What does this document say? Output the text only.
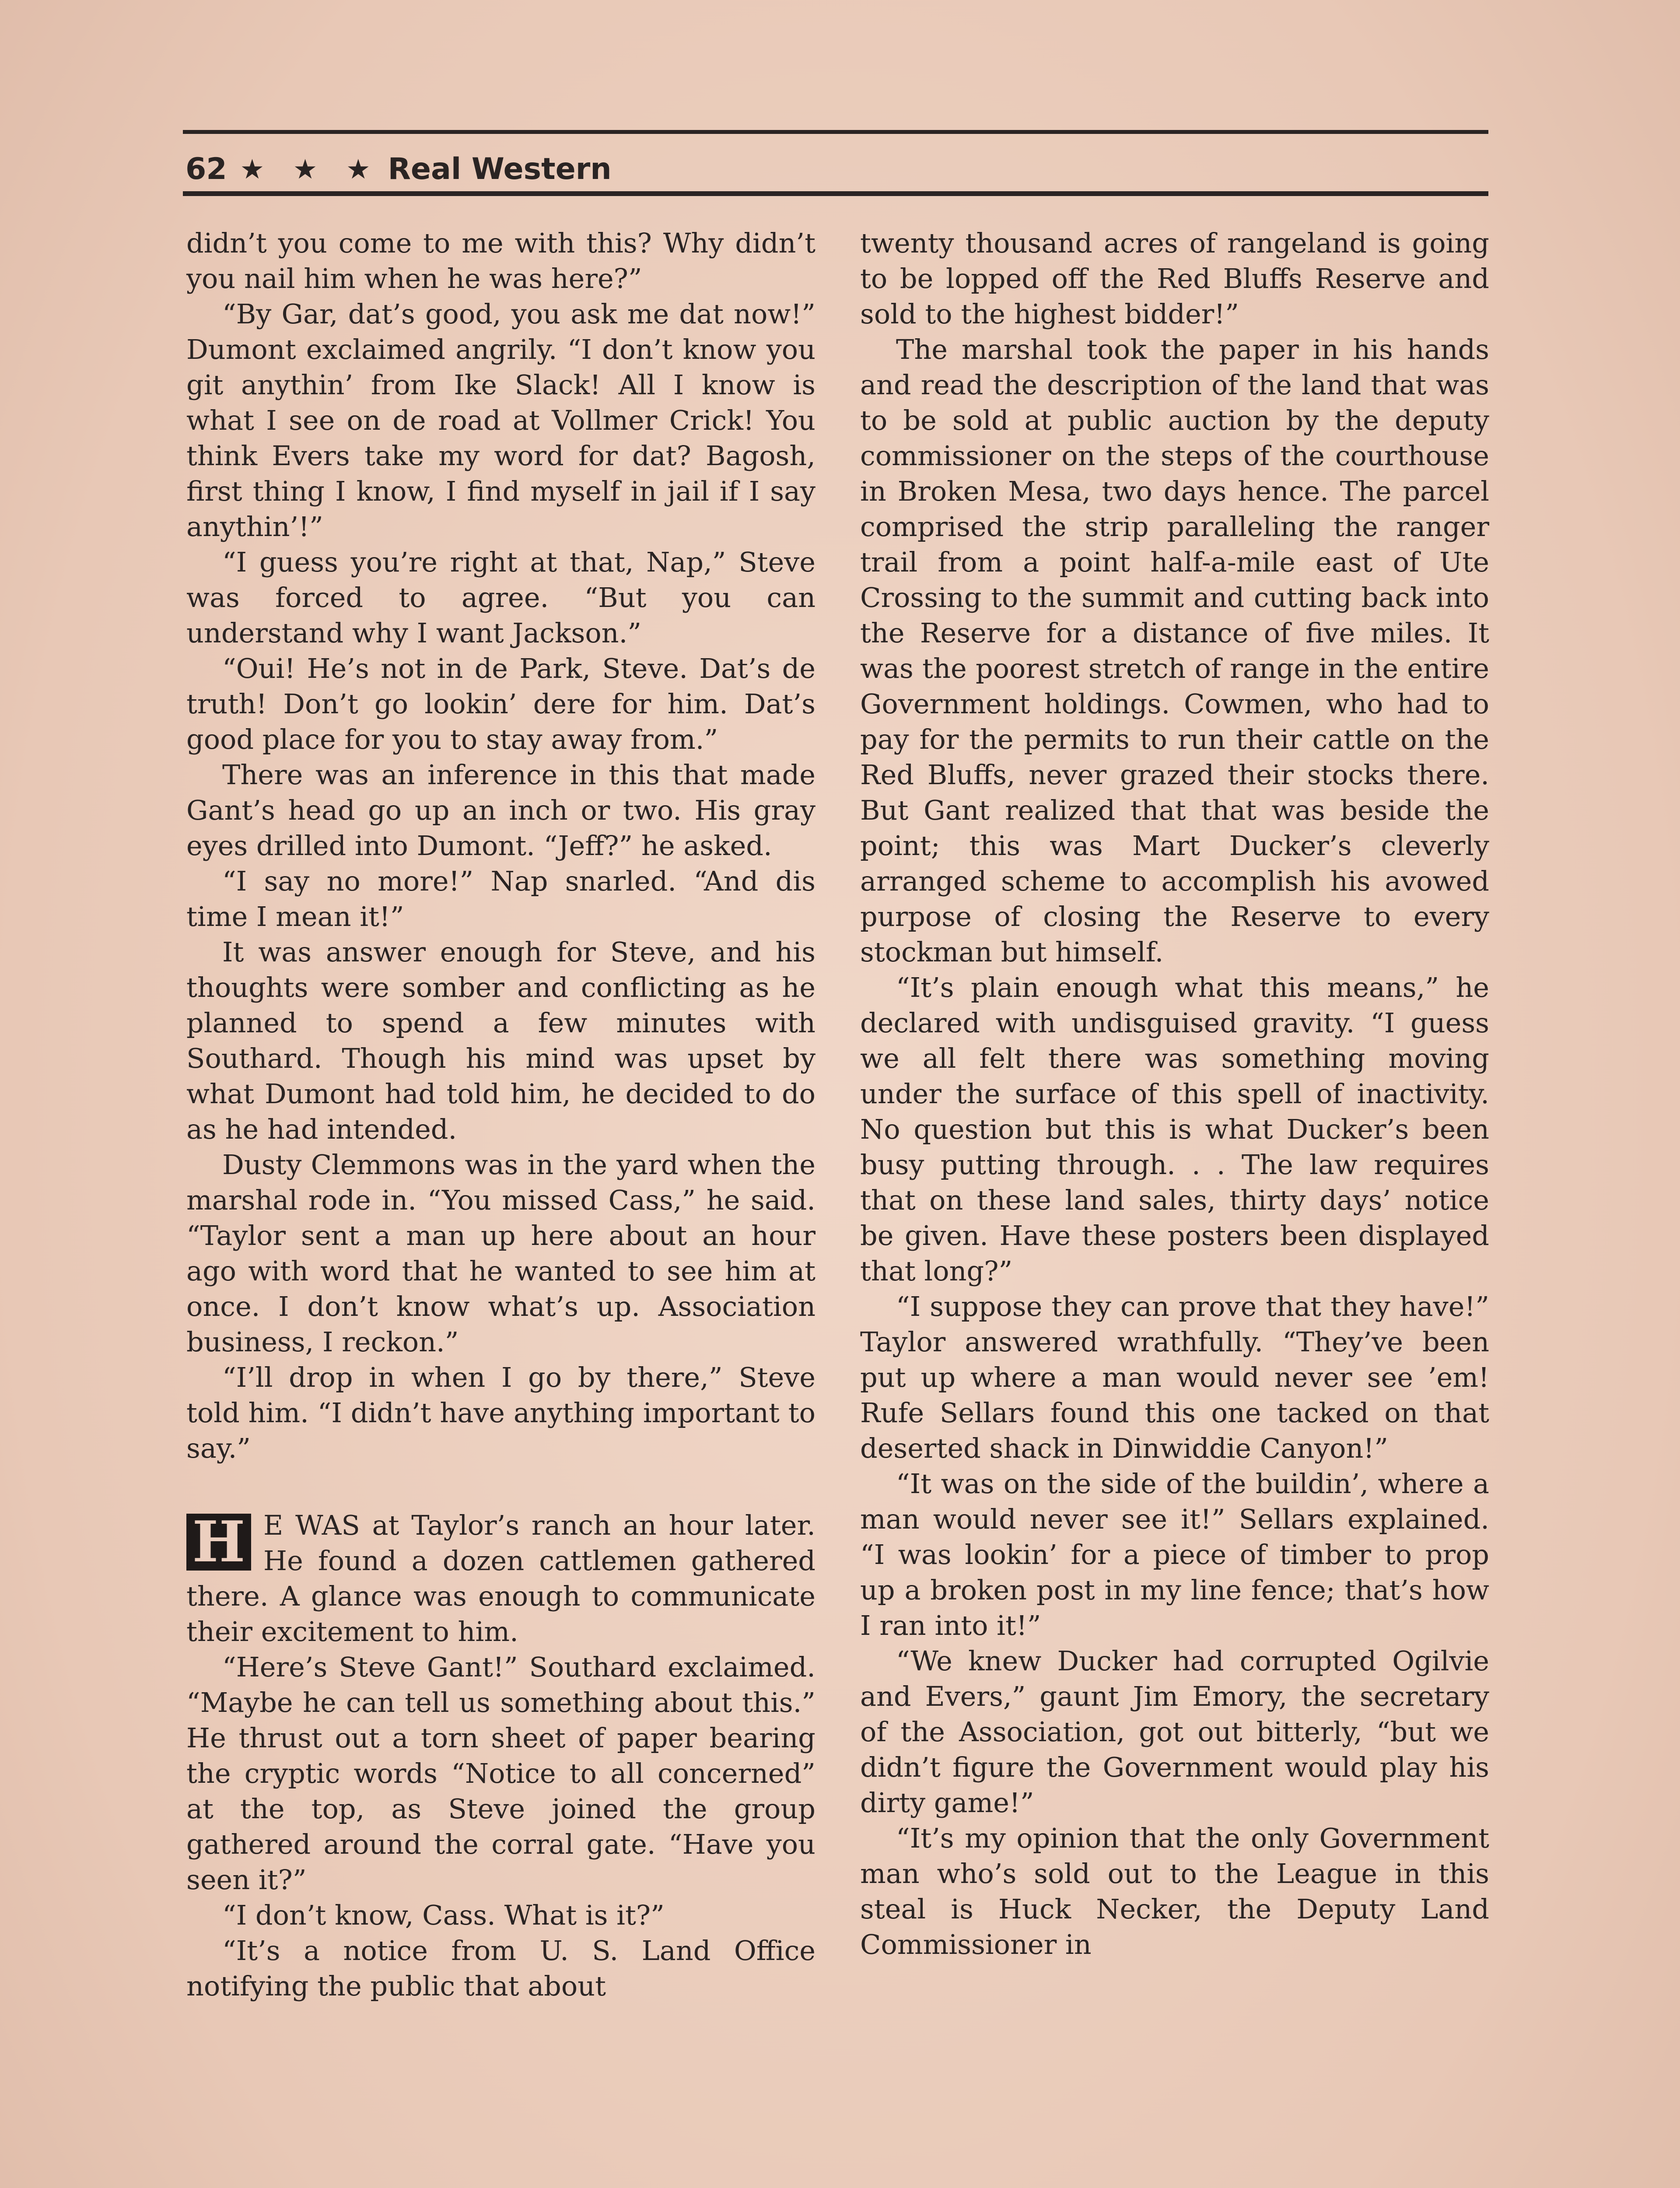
62 ★ ★ ★ Real Western

didn’t you come to me with this? Why didn’t you nail him when he was here?”

“By Gar, dat’s good, you ask me dat now!” Dumont exclaimed angrily. “I don’t know you git anythin’ from Ike Slack! All I know is what I see on de road at Vollmer Crick! You think Evers take my word for dat? Bagosh, first thing I know, I find myself in jail if I say anythin’!”

“I guess you’re right at that, Nap,” Steve was forced to agree. “But you can understand why I want Jackson.”

“Oui! He’s not in de Park, Steve. Dat’s de truth! Don’t go lookin’ dere for him. Dat’s good place for you to stay away from.”

There was an inference in this that made Gant’s head go up an inch or two. His gray eyes drilled into Dumont. “Jeff?” he asked.

“I say no more!” Nap snarled. “And dis time I mean it!”

It was answer enough for Steve, and his thoughts were somber and conflicting as he planned to spend a few minutes with Southard. Though his mind was upset by what Dumont had told him, he decided to do as he had intended.

Dusty Clemmons was in the yard when the marshal rode in. “You missed Cass,” he said. “Taylor sent a man up here about an hour ago with word that he wanted to see him at once. I don’t know what’s up. Association business, I reckon.”

“I’ll drop in when I go by there,” Steve told him. “I didn’t have anything important to say.”

H E WAS at Taylor’s ranch an hour later. He found a dozen cattlemen gathered there. A glance was enough to communicate their excitement to him.

“Here’s Steve Gant!” Southard exclaimed. “Maybe he can tell us something about this.” He thrust out a torn sheet of paper bearing the cryptic words “Notice to all concerned” at the top, as Steve joined the group gathered around the corral gate. “Have you seen it?”

“I don’t know, Cass. What is it?”

“It’s a notice from U. S. Land Office notifying the public that about

twenty thousand acres of rangeland is going to be lopped off the Red Bluffs Reserve and sold to the highest bidder!”

The marshal took the paper in his hands and read the description of the land that was to be sold at public auction by the deputy commissioner on the steps of the courthouse in Broken Mesa, two days hence. The parcel comprised the strip paralleling the ranger trail from a point half-a-mile east of Ute Crossing to the summit and cutting back into the Reserve for a distance of five miles. It was the poorest stretch of range in the entire Government holdings. Cowmen, who had to pay for the permits to run their cattle on the Red Bluffs, never grazed their stocks there. But Gant realized that that was beside the point; this was Mart Ducker’s cleverly arranged scheme to accomplish his avowed purpose of closing the Reserve to every stockman but himself.

“It’s plain enough what this means,” he declared with undisguised gravity. “I guess we all felt there was something moving under the surface of this spell of inactivity. No question but this is what Ducker’s been busy putting through. . . The law requires that on these land sales, thirty days’ notice be given. Have these posters been displayed that long?”

“I suppose they can prove that they have!” Taylor answered wrathfully. “They’ve been put up where a man would never see ’em! Rufe Sellars found this one tacked on that deserted shack in Dinwiddie Canyon!”

“It was on the side of the buildin’, where a man would never see it!” Sellars explained. “I was lookin’ for a piece of timber to prop up a broken post in my line fence; that’s how I ran into it!”

“We knew Ducker had corrupted Ogilvie and Evers,” gaunt Jim Emory, the secretary of the Association, got out bitterly, “but we didn’t figure the Government would play his dirty game!”

“It’s my opinion that the only Government man who’s sold out to the League in this steal is Huck Necker, the Deputy Land Commissioner in
